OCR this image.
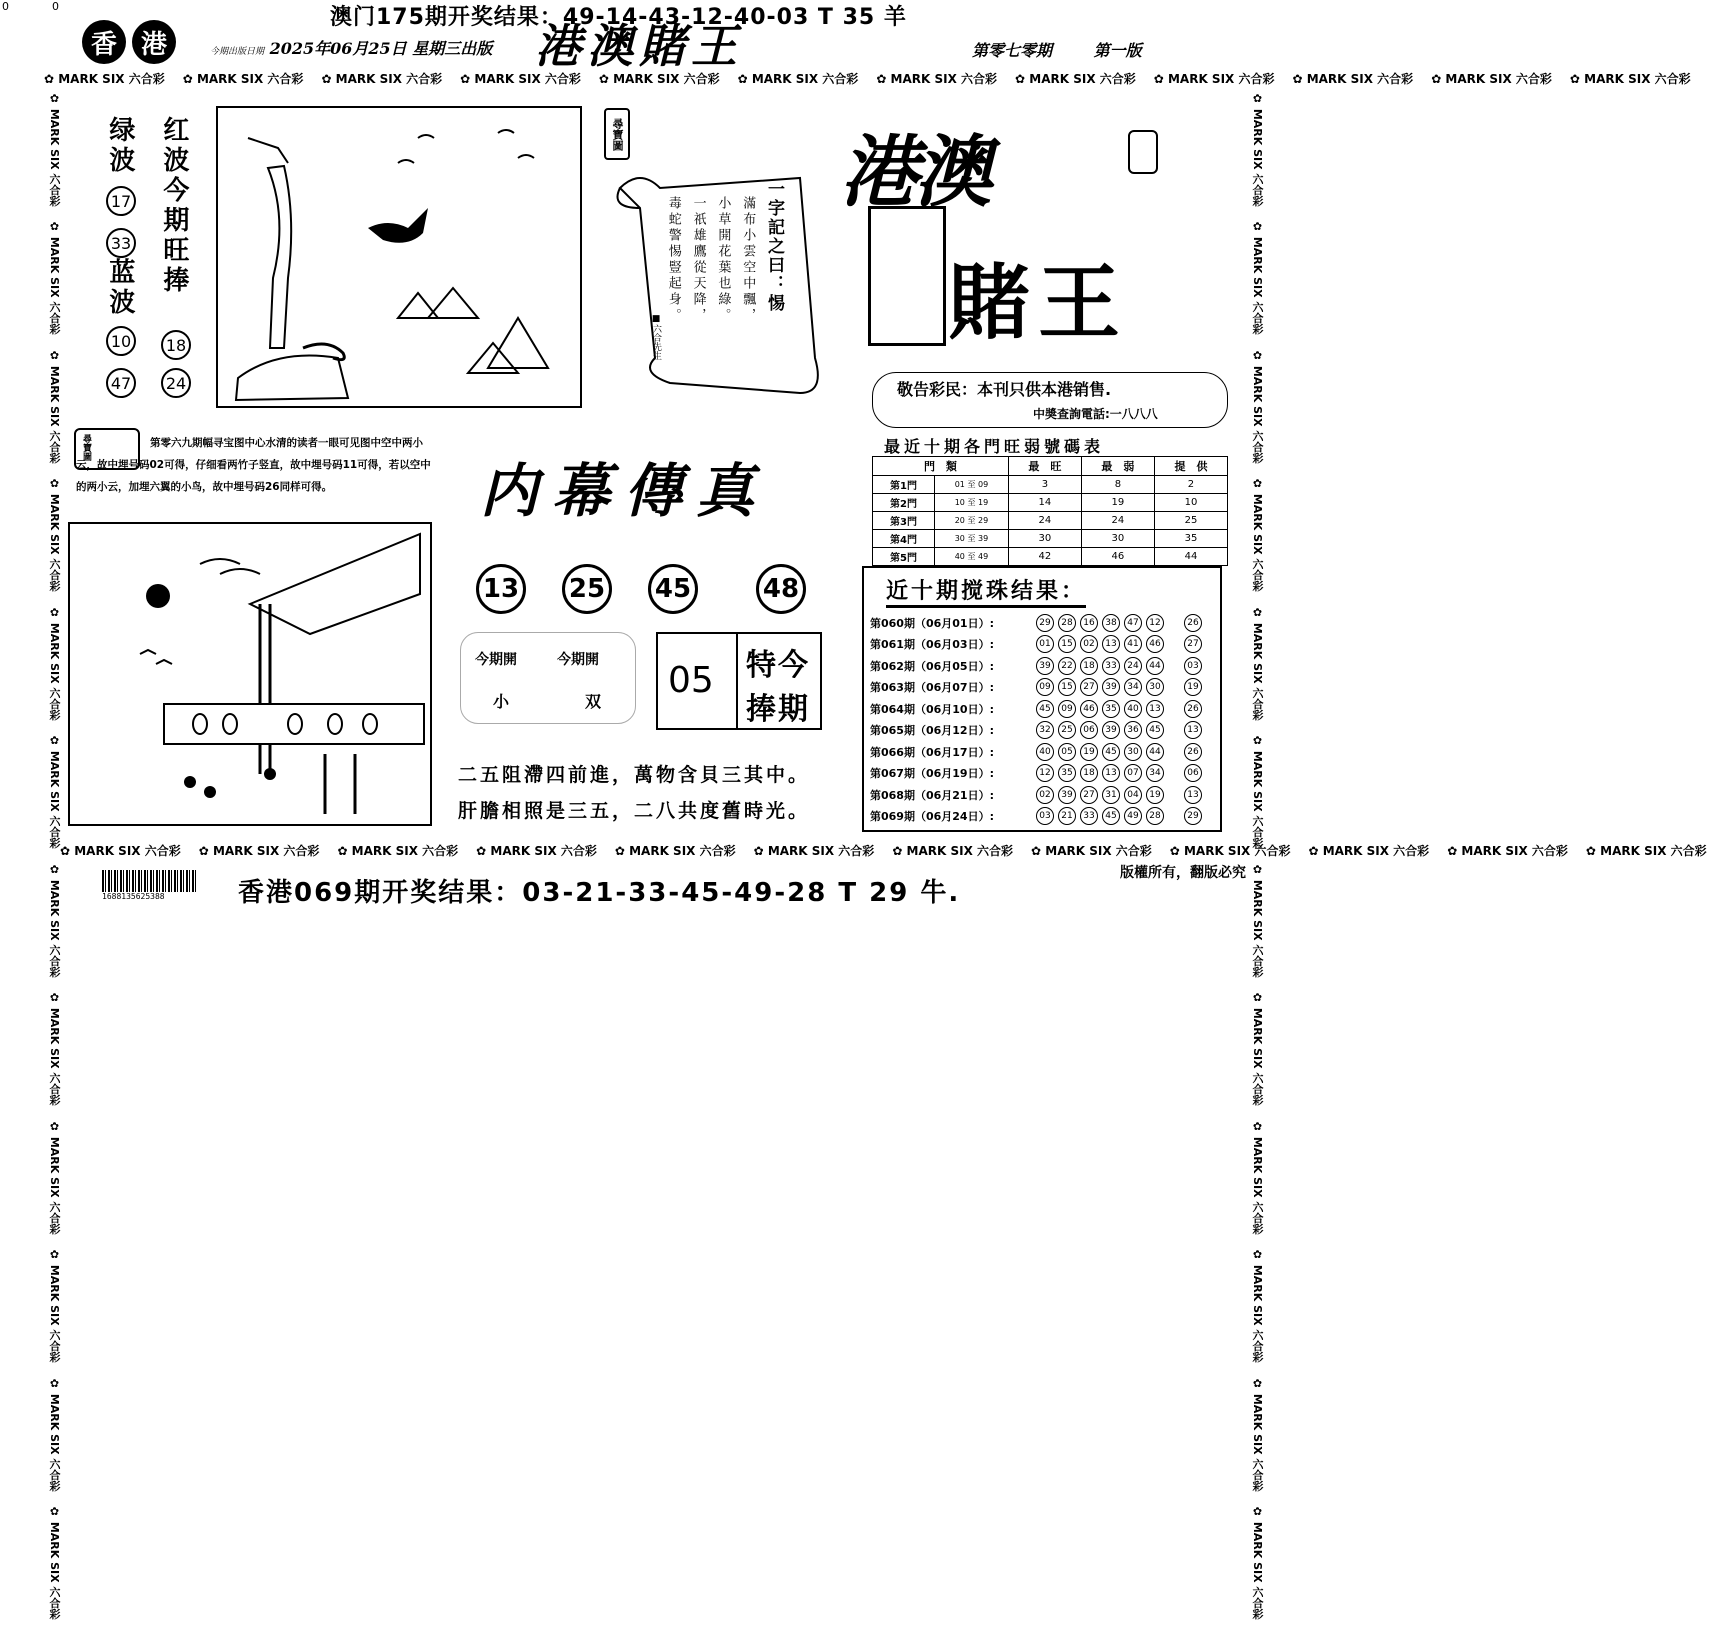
0	0	澳门175期开奖结果：49-14-43-12-40-03 T 35 羊
香 港	今期出版日期 2025年06月25日 星期三出版 港澳賭王	第零七零期	第一版
✿ MARK SIX 六合彩 ✿ MARK SIX 六合彩 ✿ MARK SIX 六合彩 ✿ MARK SIX 六合彩 ✿ MARK SIX 六合彩 ✿ MARK SIX 六合彩 ✿ MARK SIX 六合彩 ✿ MARK SIX 六合彩 ✿ MARK SIX 六合彩 ✿ MARK SIX 六合彩 ✿ MARK SIX 六合彩 ✿ MARK SIX 六合彩
✿ MARK SIX 六合彩✿ MARK SIX 六合彩✿ MARK SIX 六合彩✿ MARK SIX 六合彩✿ MARK SIX 六合彩✿ MARK SIX 六合彩✿ MARK SIX 六合彩✿ MARK SIX 六合彩✿ MARK SIX 六合彩✿ MARK SIX 六合彩✿ MARK SIX 六合彩✿ MARK SIX 六合彩
✿ MARK SIX 六合彩✿ MARK SIX 六合彩✿ MARK SIX 六合彩✿ MARK SIX 六合彩✿ MARK SIX 六合彩✿ MARK SIX 六合彩✿ MARK SIX 六合彩✿ MARK SIX 六合彩✿ MARK SIX 六合彩✿ MARK SIX 六合彩✿ MARK SIX 六合彩✿ MARK SIX 六合彩
✿ MARK SIX 六合彩 ✿ MARK SIX 六合彩 ✿ MARK SIX 六合彩 ✿ MARK SIX 六合彩 ✿ MARK SIX 六合彩 ✿ MARK SIX 六合彩 ✿ MARK SIX 六合彩 ✿ MARK SIX 六合彩 ✿ MARK SIX 六合彩 ✿ MARK SIX 六合彩 ✿ MARK SIX 六合彩 ✿ MARK SIX 六合彩
绿波 红波今期旺捧
蓝波
17
33
10	18
47	24
尋寶圖
一字記之曰：惕
滿布小雲空中飄，
小草開花葉也綠。
一祇雄鷹從天降，
毒蛇警惕豎起身。
■六合先生
港澳
賭王
敬告彩民：本刊只供本港销售.
中奬查詢電話:一八八八
尋寶圖	第零六九期幅寻宝图中心水清的读者一眼可见图中空中两小云，故中埋号码02可得，仔细看两竹子竖直，故中埋号码11可得，若以空中的两小云，加埋六翼的小鸟，故中埋号码26同样可得。	内幕傳真
13 25 45	48
今期開	今期開
小	双
05 特今
捧期
二五阻滯四前進，萬物含貝三其中。
肝膽相照是三五，二八共度舊時光。
最近十期各門旺弱號碼表
門　類		最　旺	最　弱	提　供
第1門	01 至 09	3	8	2
第2門	10 至 19	14	19	10
第3門	20 至 29	24	24	25
第4門	30 至 39	30	30	35
第5門	40 至 49	42	46	44
近十期搅珠结果：
第060期（06月01日）:	29	28	16	38	47	12	26
第061期（06月03日）:	01	15	02	13	41	46	27
第062期（06月05日）:	39	22	18	33	24	44	03
第063期（06月07日）:	09	15	27	39	34	30	19
第064期（06月10日）:	45	09	46	35	40	13	26
第065期（06月12日）:	32	25	06	39	36	45	13
第066期（06月17日）:	40	05	19	45	30	44	26
第067期（06月19日）:	12	35	18	13	07	34	06
第068期（06月21日）:	02	39	27	31	04	19	13
第069期（06月24日）:	03	21	33	45	49	28	29
1688135625388	香港069期开奖结果：03-21-33-45-49-28 T 29 牛.
版權所有，翻版必究
